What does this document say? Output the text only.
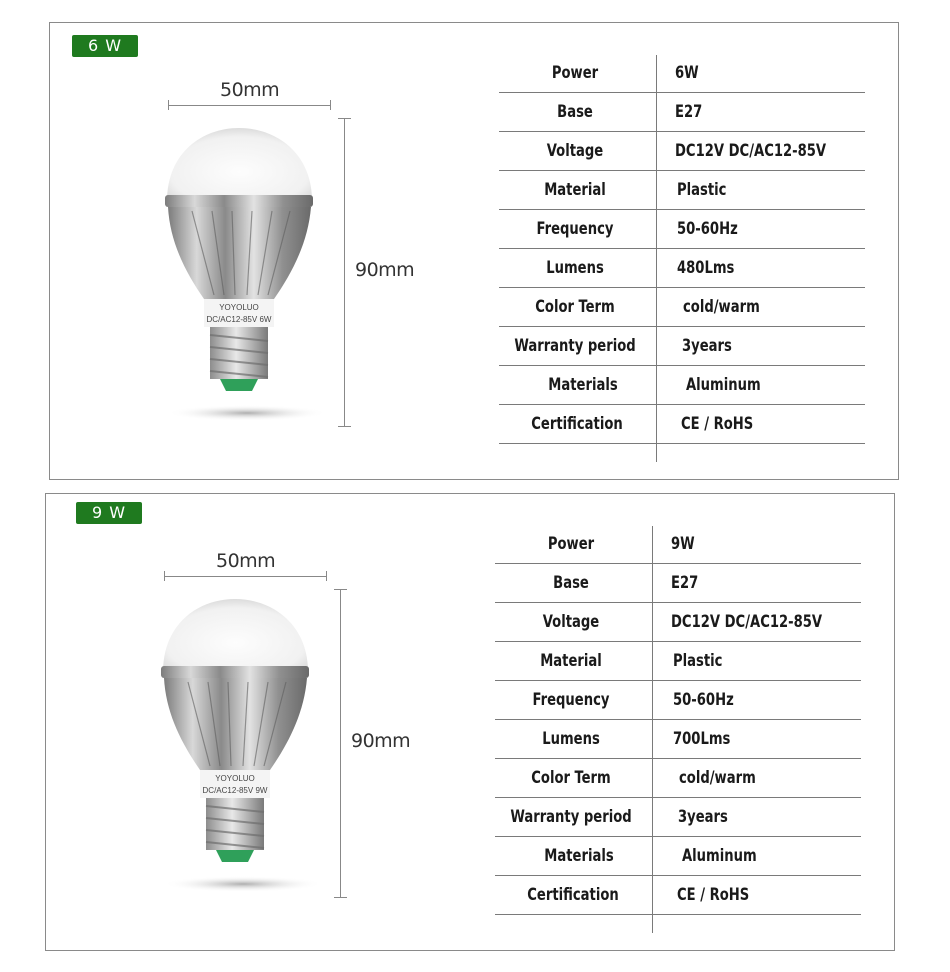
6 W
50mm
90mm
YOYOLUO
DC/AC12-85V 6W
Power	6W
Base	E27
Voltage	DC12V DC/AC12-85V
Material	Plastic
Frequency	50-60Hz
Lumens	480Lms
Color Term	cold/warm
Warranty period	3years
Materials	Aluminum
Certification	CE / RoHS
9 W
50mm
90mm
YOYOLUO
DC/AC12-85V 9W
Power	9W
Base	E27
Voltage	DC12V DC/AC12-85V
Material	Plastic
Frequency	50-60Hz
Lumens	700Lms
Color Term	cold/warm
Warranty period	3years
Materials	Aluminum
Certification	CE / RoHS
